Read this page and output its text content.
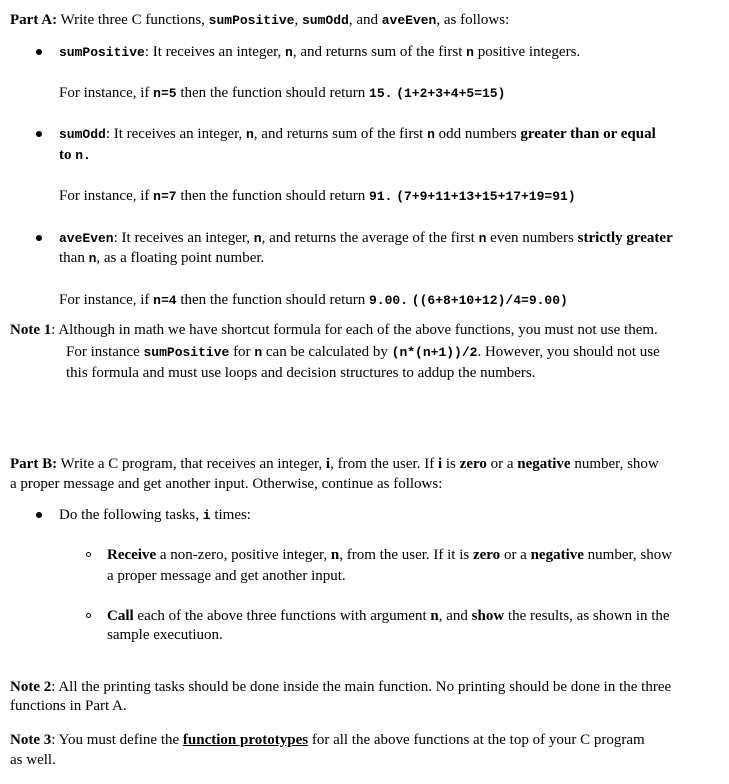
Part A: Write three C functions, sumPositive, sumOdd, and aveEven, as follows:
sumPositive: It receives an integer, n, and returns sum of the first n positive integers.
For instance, if n=5 then the function should return 15. (1+2+3+4+5=15)
sumOdd: It receives an integer, n, and returns sum of the first n odd numbers greater than or equal
to n.
For instance, if n=7 then the function should return 91. (7+9+11+13+15+17+19=91)
aveEven: It receives an integer, n, and returns the average of the first n even numbers strictly greater
than n, as a floating point number.
For instance, if n=4 then the function should return 9.00. ((6+8+10+12)/4=9.00)
Note 1: Although in math we have shortcut formula for each of the above functions, you must not use them.
For instance sumPositive for n can be calculated by (n*(n+1))/2. However, you should not use
this formula and must use loops and decision structures to addup the numbers.
Part B: Write a C program, that receives an integer, i, from the user. If i is zero or a negative number, show
a proper message and get another input. Otherwise, continue as follows:
Do the following tasks, i times:
Receive a non-zero, positive integer, n, from the user. If it is zero or a negative number, show
a proper message and get another input.
Call each of the above three functions with argument n, and show the results, as shown in the
sample executiuon.
Note 2: All the printing tasks should be done inside the main function. No printing should be done in the three
functions in Part A.
Note 3: You must define the function prototypes for all the above functions at the top of your C program
as well.
